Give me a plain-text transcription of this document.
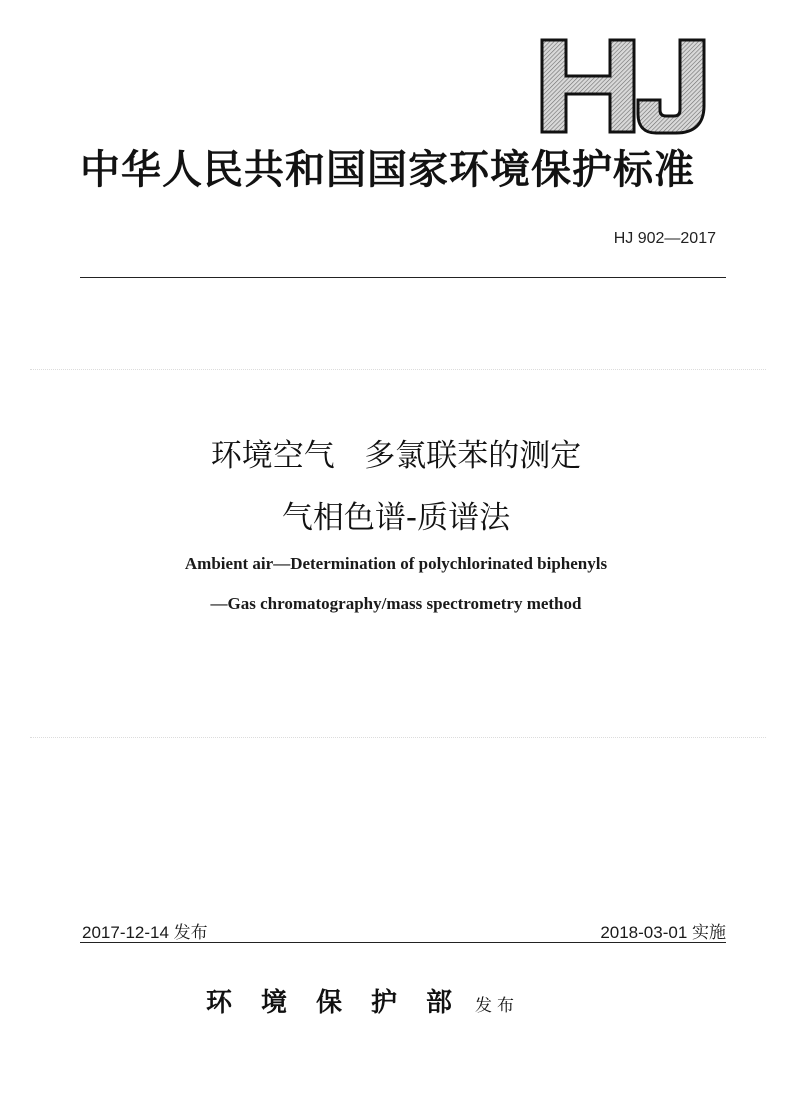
中华人民共和国国家环境保护标准
HJ 902—2017
环境空气   多氯联苯的测定
气相色谱-质谱法
Ambient air—Determination of polychlorinated biphenyls
—Gas chromatography/mass spectrometry method
2017-12-14 发布	2018-03-01 实施
环境保护部 发布
